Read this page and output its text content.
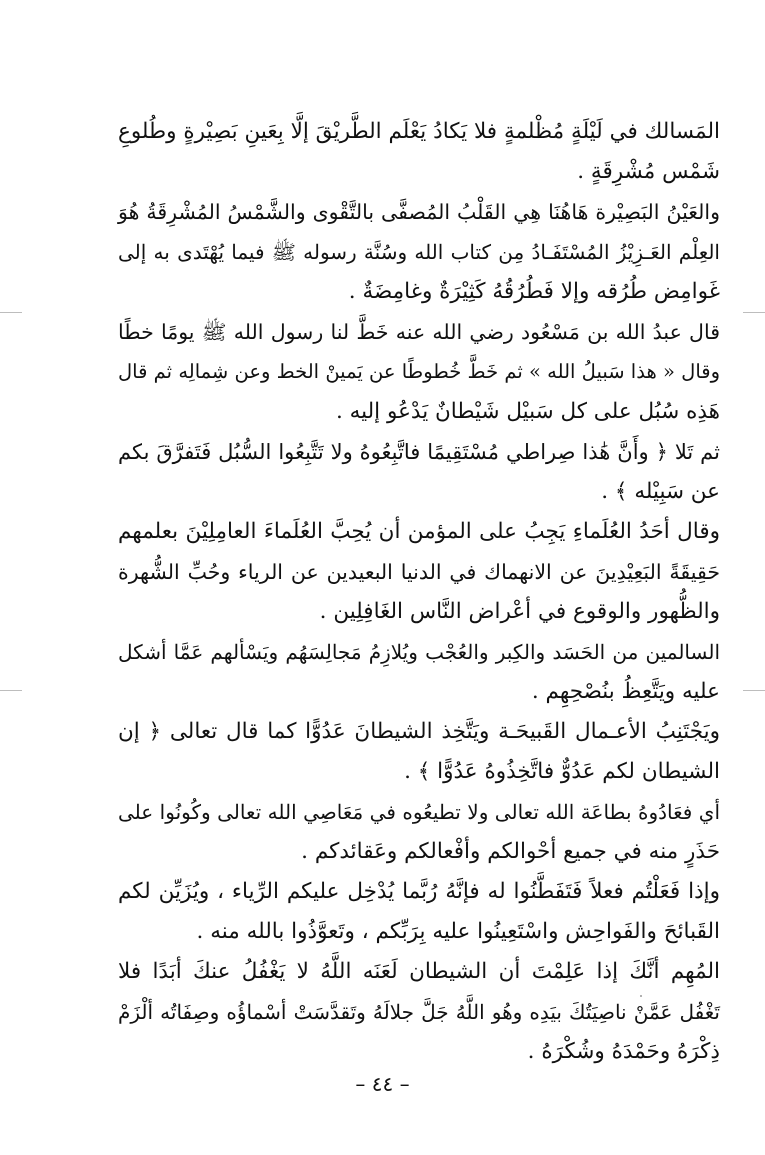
المَسالك في لَيْلَةٍ مُظْلمةٍ فلا يَكادُ يَعْلَم الطَّريْقَ إلَّا بِعَينِ بَصِيْرةٍ وطُلوعِ
شَمْس مُشْرِقَةٍ .
والعَيْنُ البَصِيْرة هَاهُنَا هِي القَلْبُ المُصفَّى بالتَّقْوى والشَّمْسُ المُشْرِقَةُ هُوَ
العِلْم العَـزِيْزُ المُسْتَفَـادُ مِن كتاب الله وسُنَّة رسوله ﷺ فيما يُهْتَدى به إلى
غَوامِض طُرُقه وإلا فَطُرُقُهُ كَثِيْرَةٌ وغامِضَةٌ .
قال عبدُ الله بن مَسْعُود رضي الله عنه خَطَّ لنا رسول الله ﷺ يومًا خطًا
وقال « هذا سَبيلُ الله » ثم خَطَّ خُطوطًا عن يَمينْ الخط وعن شِمالِه ثم قال
هَذِه سُبُل على كل سَبيْل شَيْطانٌ يَدْعُو إليه .
ثم تَلا ﴿ وأَنَّ هَٰذا صِراطي مُسْتَقِيمًا فاتَّبِعُوهُ ولا تَتَّبِعُوا السُّبُل فَتَفرَّقَ بكم
عن سَبِيْله ﴾ .
وقال أحَدُ العُلَماءِ يَجِبُ على المؤمن أن يُحِبَّ العُلَماءَ العامِلِيْنَ بعلمهم
حَقِيقَةً البَعِيْدِينَ عن الانهماك في الدنيا البعيدين عن الرياء وحُبِّ الشُّهرة
والظُّهور والوقوع في أعْراض النَّاس الغَافِلِين .
السالمين من الحَسَد والكِبر والعُجْب ويُلازِمُ مَجالِسَهُم ويَسْألهم عَمَّا أشكل
عليه ويَتَّعِظُ بنُصْحِهِم .
ويَجْتَنِبُ الأعـمال القَبيحَـة ويَتَّخِذ الشيطانَ عَدُوًّا كما قال تعالى ﴿ إن
الشيطان لكم عَدُوٌّ فاتَّخِذُوهُ عَدُوًّا ﴾ .
أي فعَادُوهُ بطاعَة الله تعالى ولا تطيعُوه في مَعَاصِي الله تعالى وكُونُوا على
حَذَرٍ منه في جميع أحْوالكم وأفْعالكم وعَقائدكم .
وإذا فَعَلْتُم فعلاً فَتَفَطَّنُوا له فإنَّهُ رُبَّما يُدْخِل عليكم الرِّياء ، ويُزَيِّن لكم
القَبائحَ والفَواحِش واسْتَعِينُوا عليه بِرَبِّكم ، وتَعوَّذُوا بالله منه .
المُهِم أنَّكَ إذا عَلِمْتَ أن الشيطان لَعَنَه اللَّهُ لا يَغْفُلُ عنكَ أبَدًا فلا
تَغْفُل عَمَّنْ ناصِيَتُكَ بيَدِه وهُو اللَّهُ جَلَّ جلالَهُ وتَقدَّسَتْ أسْماؤُه وصِفَاتُه ألْزَمْ
ذِكْرَهُ وحَمْدَهُ وشُكْرَهُ .
– ٤٤ –
